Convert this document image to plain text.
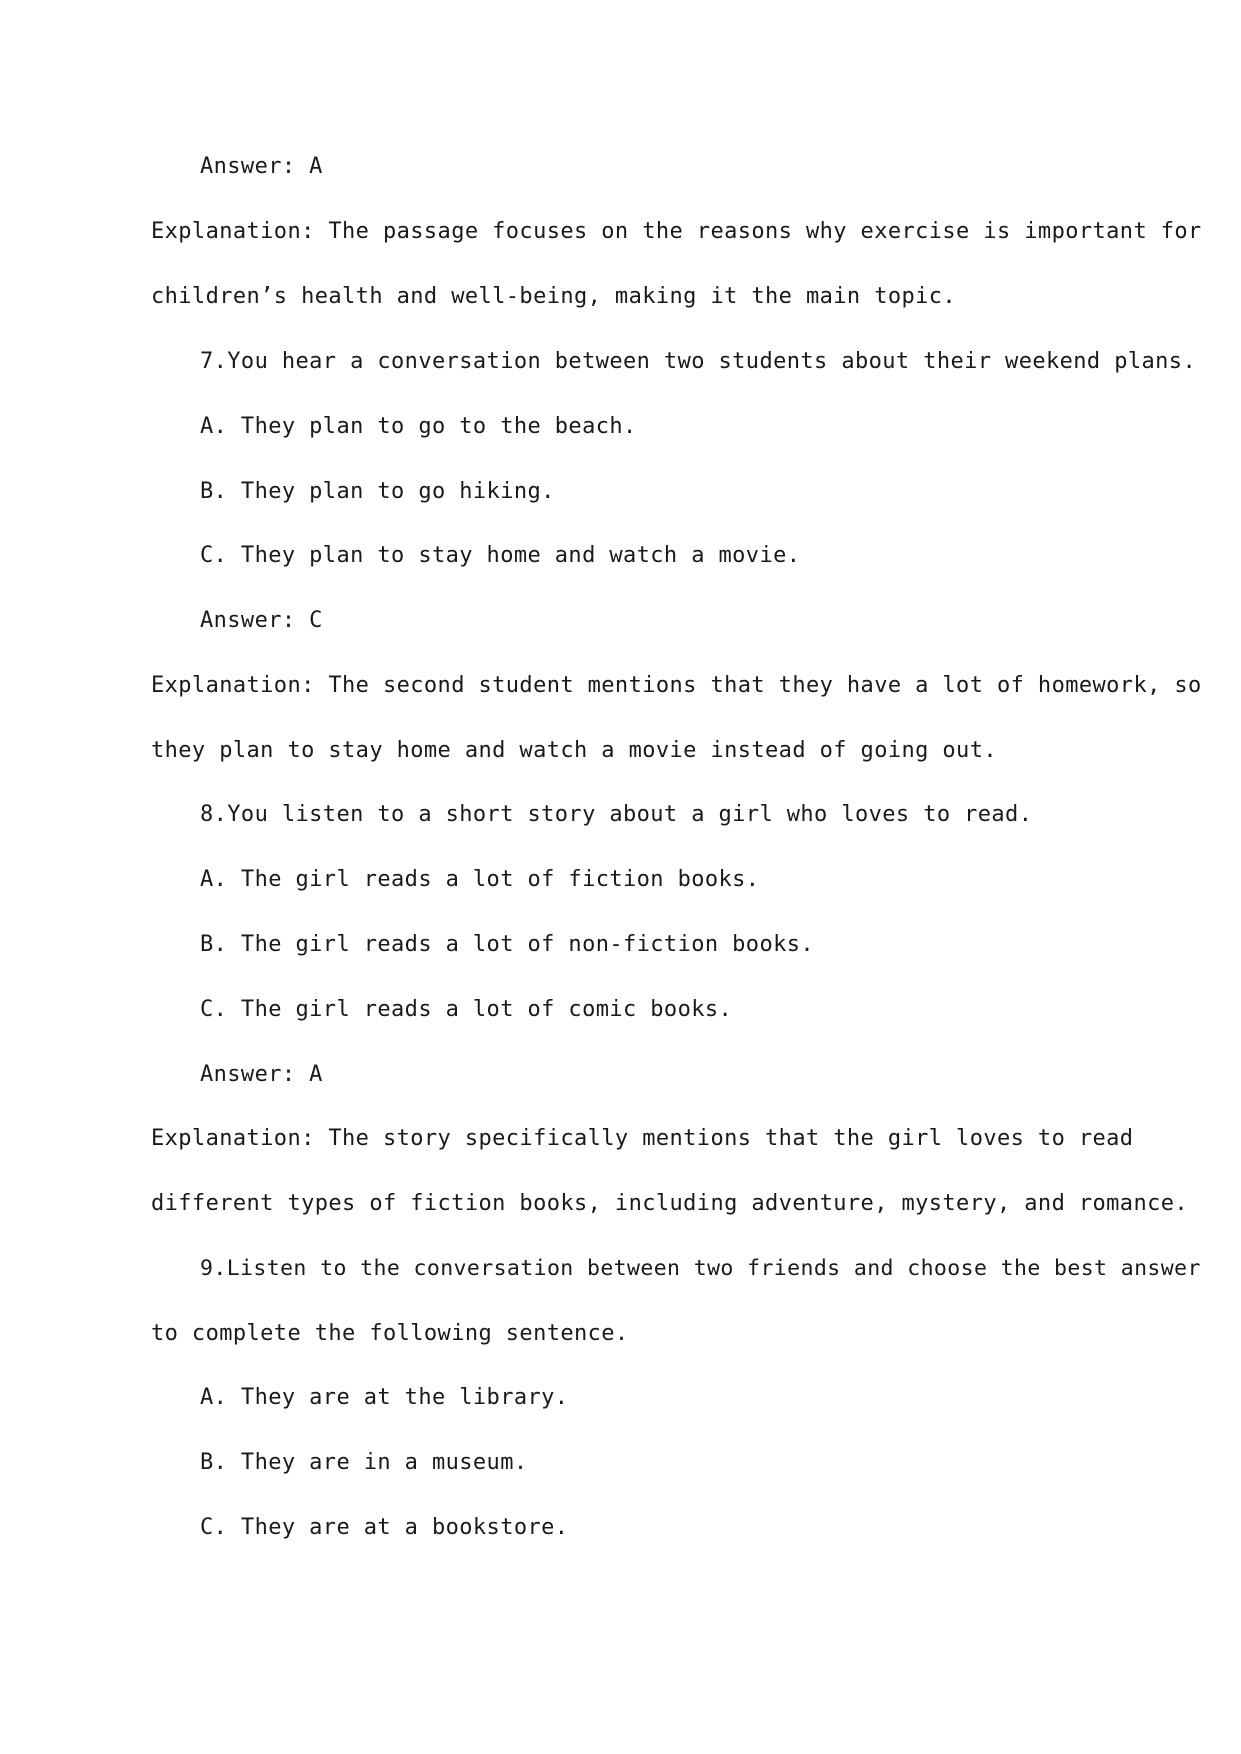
Answer: A

Explanation: The passage focuses on the reasons why exercise is important for

children’s health and well-being, making it the main topic.

7.You hear a conversation between two students about their weekend plans.

A. They plan to go to the beach.

B. They plan to go hiking.

C. They plan to stay home and watch a movie.

Answer: C

Explanation: The second student mentions that they have a lot of homework, so

they plan to stay home and watch a movie instead of going out.

8.You listen to a short story about a girl who loves to read.

A. The girl reads a lot of fiction books.

B. The girl reads a lot of non-fiction books.

C. The girl reads a lot of comic books.

Answer: A

Explanation: The story specifically mentions that the girl loves to read

different types of fiction books, including adventure, mystery, and romance.

9.Listen to the conversation between two friends and choose the best answer

to complete the following sentence.

A. They are at the library.

B. They are in a museum.

C. They are at a bookstore.
